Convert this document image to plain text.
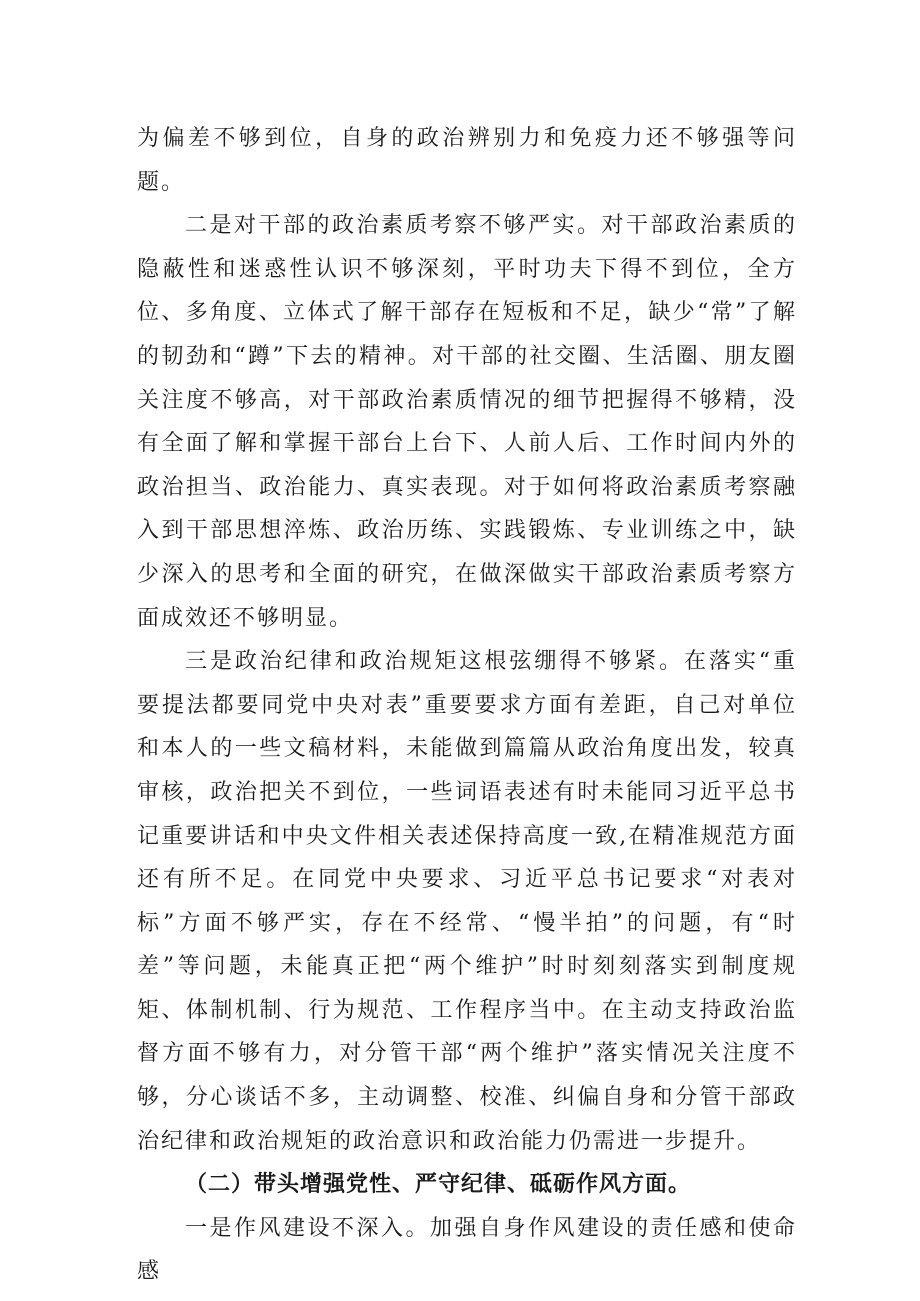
为偏差不够到位，自身的政治辨别力和免疫力还不够强等问题。

二是对干部的政治素质考察不够严实。对干部政治素质的隐蔽性和迷惑性认识不够深刻，平时功夫下得不到位，全方位、多角度、立体式了解干部存在短板和不足，缺少“常”了解的韧劲和“蹲”下去的精神。对干部的社交圈、生活圈、朋友圈关注度不够高，对干部政治素质情况的细节把握得不够精，没有全面了解和掌握干部台上台下、人前人后、工作时间内外的政治担当、政治能力、真实表现。对于如何将政治素质考察融入到干部思想淬炼、政治历练、实践锻炼、专业训练之中，缺少深入的思考和全面的研究，在做深做实干部政治素质考察方面成效还不够明显。

三是政治纪律和政治规矩这根弦绷得不够紧。在落实“重要提法都要同党中央对表”重要要求方面有差距，自己对单位和本人的一些文稿材料，未能做到篇篇从政治角度出发，较真审核，政治把关不到位，一些词语表述有时未能同习近平总书记重要讲话和中央文件相关表述保持高度一致,在精准规范方面还有所不足。在同党中央要求、习近平总书记要求“对表对标”方面不够严实，存在不经常、“慢半拍”的问题，有“时差”等问题，未能真正把“两个维护”时时刻刻落实到制度规矩、体制机制、行为规范、工作程序当中。在主动支持政治监督方面不够有力，对分管干部“两个维护”落实情况关注度不够，分心谈话不多，主动调整、校准、纠偏自身和分管干部政治纪律和政治规矩的政治意识和政治能力仍需进一步提升。

（二）带头增强党性、严守纪律、砥砺作风方面。

一是作风建设不深入。加强自身作风建设的责任感和使命感
